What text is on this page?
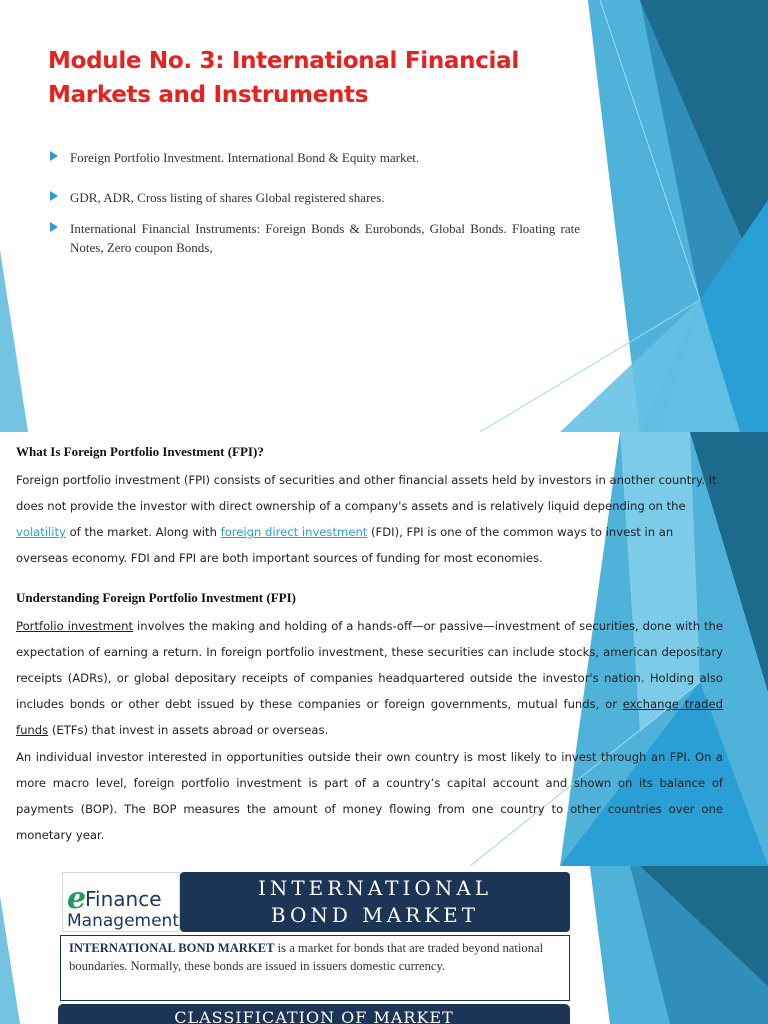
Module No. 3: International Financial
Markets and Instruments
Foreign Portfolio Investment. International Bond & Equity market.
GDR, ADR, Cross listing of shares Global registered shares.
International Financial Instruments: Foreign Bonds & Eurobonds, Global Bonds. Floating rate Notes, Zero coupon Bonds,
What Is Foreign Portfolio Investment (FPI)?

Foreign portfolio investment (FPI) consists of securities and other financial assets held by investors in another country. It does not provide the investor with direct ownership of a company's assets and is relatively liquid depending on the volatility of the market. Along with foreign direct investment (FDI), FPI is one of the common ways to invest in an overseas economy. FDI and FPI are both important sources of funding for most economies.

Understanding Foreign Portfolio Investment (FPI)

Portfolio investment involves the making and holding of a hands-off—or passive—investment of securities, done with the expectation of earning a return. In foreign portfolio investment, these securities can include stocks, american depositary receipts (ADRs), or global depositary receipts of companies headquartered outside the investor's nation. Holding also includes bonds or other debt issued by these companies or foreign governments, mutual funds, or exchange traded funds (ETFs) that invest in assets abroad or overseas.

An individual investor interested in opportunities outside their own country is most likely to invest through an FPI. On a more macro level, foreign portfolio investment is part of a country’s capital account and shown on its balance of payments (BOP). The BOP measures the amount of money flowing from one country to other countries over one monetary year.

e
Finance
Management
INTERNATIONAL
BOND MARKET
INTERNATIONAL BOND MARKET is a market for bonds that are traded beyond national boundaries. Normally, these bonds are issued in issuers domestic currency.
CLASSIFICATION OF MARKET
